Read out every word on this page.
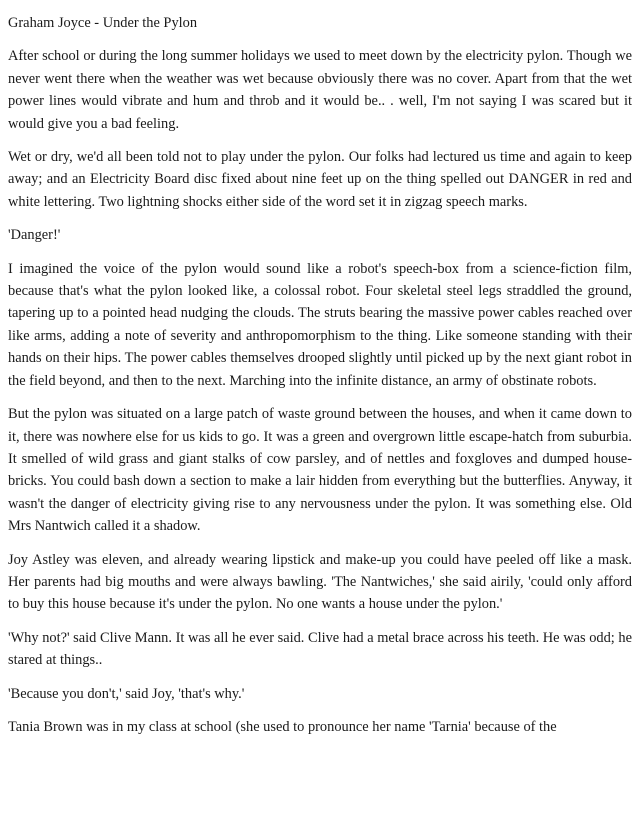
Graham Joyce - Under the Pylon

After school or during the long summer holidays we used to meet down by the electricity pylon. Though we never went there when the weather was wet because obviously there was no cover. Apart from that the wet power lines would vibrate and hum and throb and it would be.. . well, I'm not saying I was scared but it would give you a bad feeling.

Wet or dry, we'd all been told not to play under the pylon. Our folks had lectured us time and again to keep away; and an Electricity Board disc fixed about nine feet up on the thing spelled out DANGER in red and white lettering. Two lightning shocks either side of the word set it in zigzag speech marks.

'Danger!'

I imagined the voice of the pylon would sound like a robot's speech-box from a science-fiction film, because that's what the pylon looked like, a colossal robot. Four skeletal steel legs straddled the ground, tapering up to a pointed head nudging the clouds. The struts bearing the massive power cables reached over like arms, adding a note of severity and anthropomorphism to the thing. Like someone standing with their hands on their hips. The power cables themselves drooped slightly until picked up by the next giant robot in the field beyond, and then to the next. Marching into the infinite distance, an army of obstinate robots.

But the pylon was situated on a large patch of waste ground between the houses, and when it came down to it, there was nowhere else for us kids to go. It was a green and overgrown little escape-hatch from suburbia. It smelled of wild grass and giant stalks of cow parsley, and of nettles and foxgloves and dumped house-bricks. You could bash down a section to make a lair hidden from everything but the butterflies. Anyway, it wasn't the danger of electricity giving rise to any nervousness under the pylon. It was something else. Old Mrs Nantwich called it a shadow.

Joy Astley was eleven, and already wearing lipstick and make-up you could have peeled off like a mask. Her parents had big mouths and were always bawling. 'The Nantwiches,' she said airily, 'could only afford to buy this house because it's under the pylon. No one wants a house under the pylon.'

'Why not?' said Clive Mann. It was all he ever said. Clive had a metal brace across his teeth. He was odd; he stared at things..

'Because you don't,' said Joy, 'that's why.'

Tania Brown was in my class at school (she used to pronounce her name 'Tarnia' because of the
